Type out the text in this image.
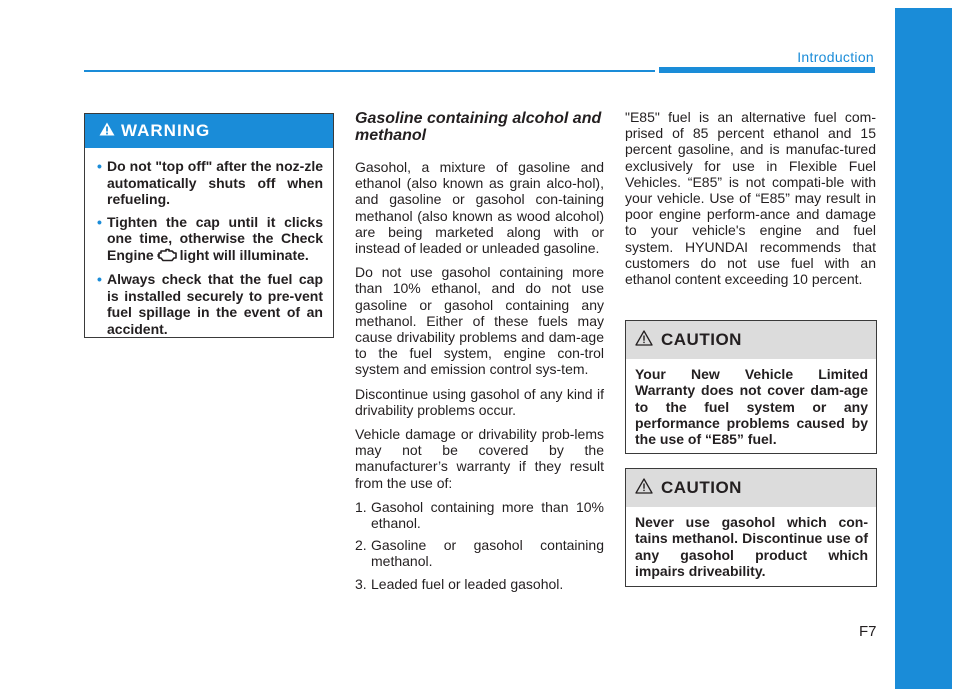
Introduction
WARNING
• Do not "top off" after the noz-zle automatically shuts off when refueling.
• Tighten the cap until it clicks one time, otherwise the Check Engine light will illuminate.
• Always check that the fuel cap is installed securely to pre-vent fuel spillage in the event of an accident.
Gasoline containing alcohol and methanol

Gasohol, a mixture of gasoline and ethanol (also known as grain alco-hol), and gasoline or gasohol con-taining methanol (also known as wood alcohol) are being marketed along with or instead of leaded or unleaded gasoline.

Do not use gasohol containing more than 10% ethanol, and do not use gasoline or gasohol containing any methanol. Either of these fuels may cause drivability problems and dam-age to the fuel system, engine con-trol system and emission control sys-tem.

Discontinue using gasohol of any kind if drivability problems occur.

Vehicle damage or drivability prob-lems may not be covered by the manufacturer’s warranty if they result from the use of:

1. Gasohol containing more than 10% ethanol.
2. Gasoline or gasohol containing methanol.
3. Leaded fuel or leaded gasohol.

"E85" fuel is an alternative fuel com-prised of 85 percent ethanol and 15 percent gasoline, and is manufac-tured exclusively for use in Flexible Fuel Vehicles. “E85” is not compati-ble with your vehicle. Use of “E85” may result in poor engine perform-ance and damage to your vehicle's engine and fuel system. HYUNDAI recommends that customers do not use fuel with an ethanol content exceeding 10 percent.

CAUTION
Your New Vehicle Limited Warranty does not cover dam-age to the fuel system or any performance problems caused by the use of “E85” fuel.
CAUTION
Never use gasohol which con-tains methanol. Discontinue use of any gasohol product which impairs driveability.
F7
